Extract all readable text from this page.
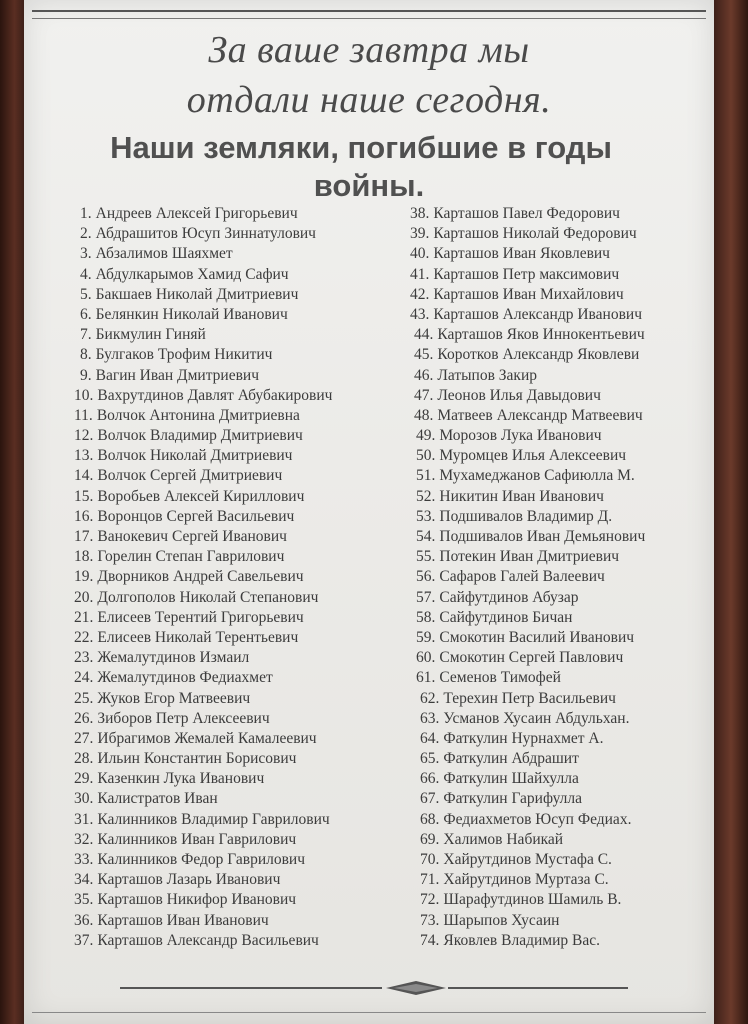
За ваше завтра мы
отдали наше сегодня.
Наши земляки, погибшие в годы
войны.
1. Андреев Алексей Григорьевич
2. Абдрашитов Юсуп Зиннатулович
3. Абзалимов Шаяхмет
4. Абдулкарымов Хамид Сафич
5. Бакшаев Николай Дмитриевич
6. Белянкин Николай Иванович
7. Бикмулин Гиняй
8. Булгаков Трофим Никитич
9. Вагин Иван Дмитриевич
10. Вахрутдинов Давлят Абубакирович
11. Волчок Антонина Дмитриевна
12. Волчок Владимир Дмитриевич
13. Волчок Николай Дмитриевич
14. Волчок Сергей Дмитриевич
15. Воробьев Алексей Кириллович
16. Воронцов Сергей Васильевич
17. Ванокевич Сергей Иванович
18. Горелин Степан Гаврилович
19. Дворников Андрей Савельевич
20. Долгополов Николай Степанович
21. Елисеев Терентий Григорьевич
22. Елисеев Николай Терентьевич
23. Жемалутдинов Измаил
24. Жемалутдинов Федиахмет
25. Жуков Егор Матвеевич
26. Зиборов Петр Алексеевич
27. Ибрагимов Жемалей Камалеевич
28. Ильин Константин Борисович
29. Казенкин Лука Иванович
30. Калистратов Иван
31. Калинников Владимир Гаврилович
32. Калинников Иван Гаврилович
33. Калинников Федор Гаврилович
34. Карташов Лазарь Иванович
35. Карташов Никифор Иванович
36. Карташов Иван Иванович
37. Карташов Александр Васильевич
38. Карташов Павел Федорович
39. Карташов Николай Федорович
40. Карташов Иван Яковлевич
41. Карташов Петр максимович
42. Карташов Иван Михайлович
43. Карташов Александр Иванович
44. Карташов Яков Иннокентьевич
45. Коротков Александр Яковлеви
46. Латыпов Закир
47. Леонов Илья Давыдович
48. Матвеев Александр Матвеевич
49. Морозов Лука Иванович
50. Муромцев Илья Алексеевич
51. Мухамеджанов Сафиюлла М.
52. Никитин Иван Иванович
53. Подшивалов Владимир Д.
54. Подшивалов Иван Демьянович
55. Потекин Иван Дмитриевич
56. Сафаров Галей Валеевич
57. Сайфутдинов Абузар
58. Сайфутдинов Бичан
59. Смокотин Василий Иванович
60. Смокотин Сергей Павлович
61. Семенов Тимофей
62. Терехин Петр Васильевич
63. Усманов Хусаин Абдульхан.
64. Фаткулин Нурнахмет А.
65. Фаткулин Абдрашит
66. Фаткулин Шайхулла
67. Фаткулин Гарифулла
68. Федиахметов Юсуп Федиах.
69. Халимов Набикай
70. Хайрутдинов Мустафа С.
71. Хайрутдинов Муртаза С.
72. Шарафутдинов Шамиль В.
73. Шарыпов Хусаин
74. Яковлев Владимир Вас.
